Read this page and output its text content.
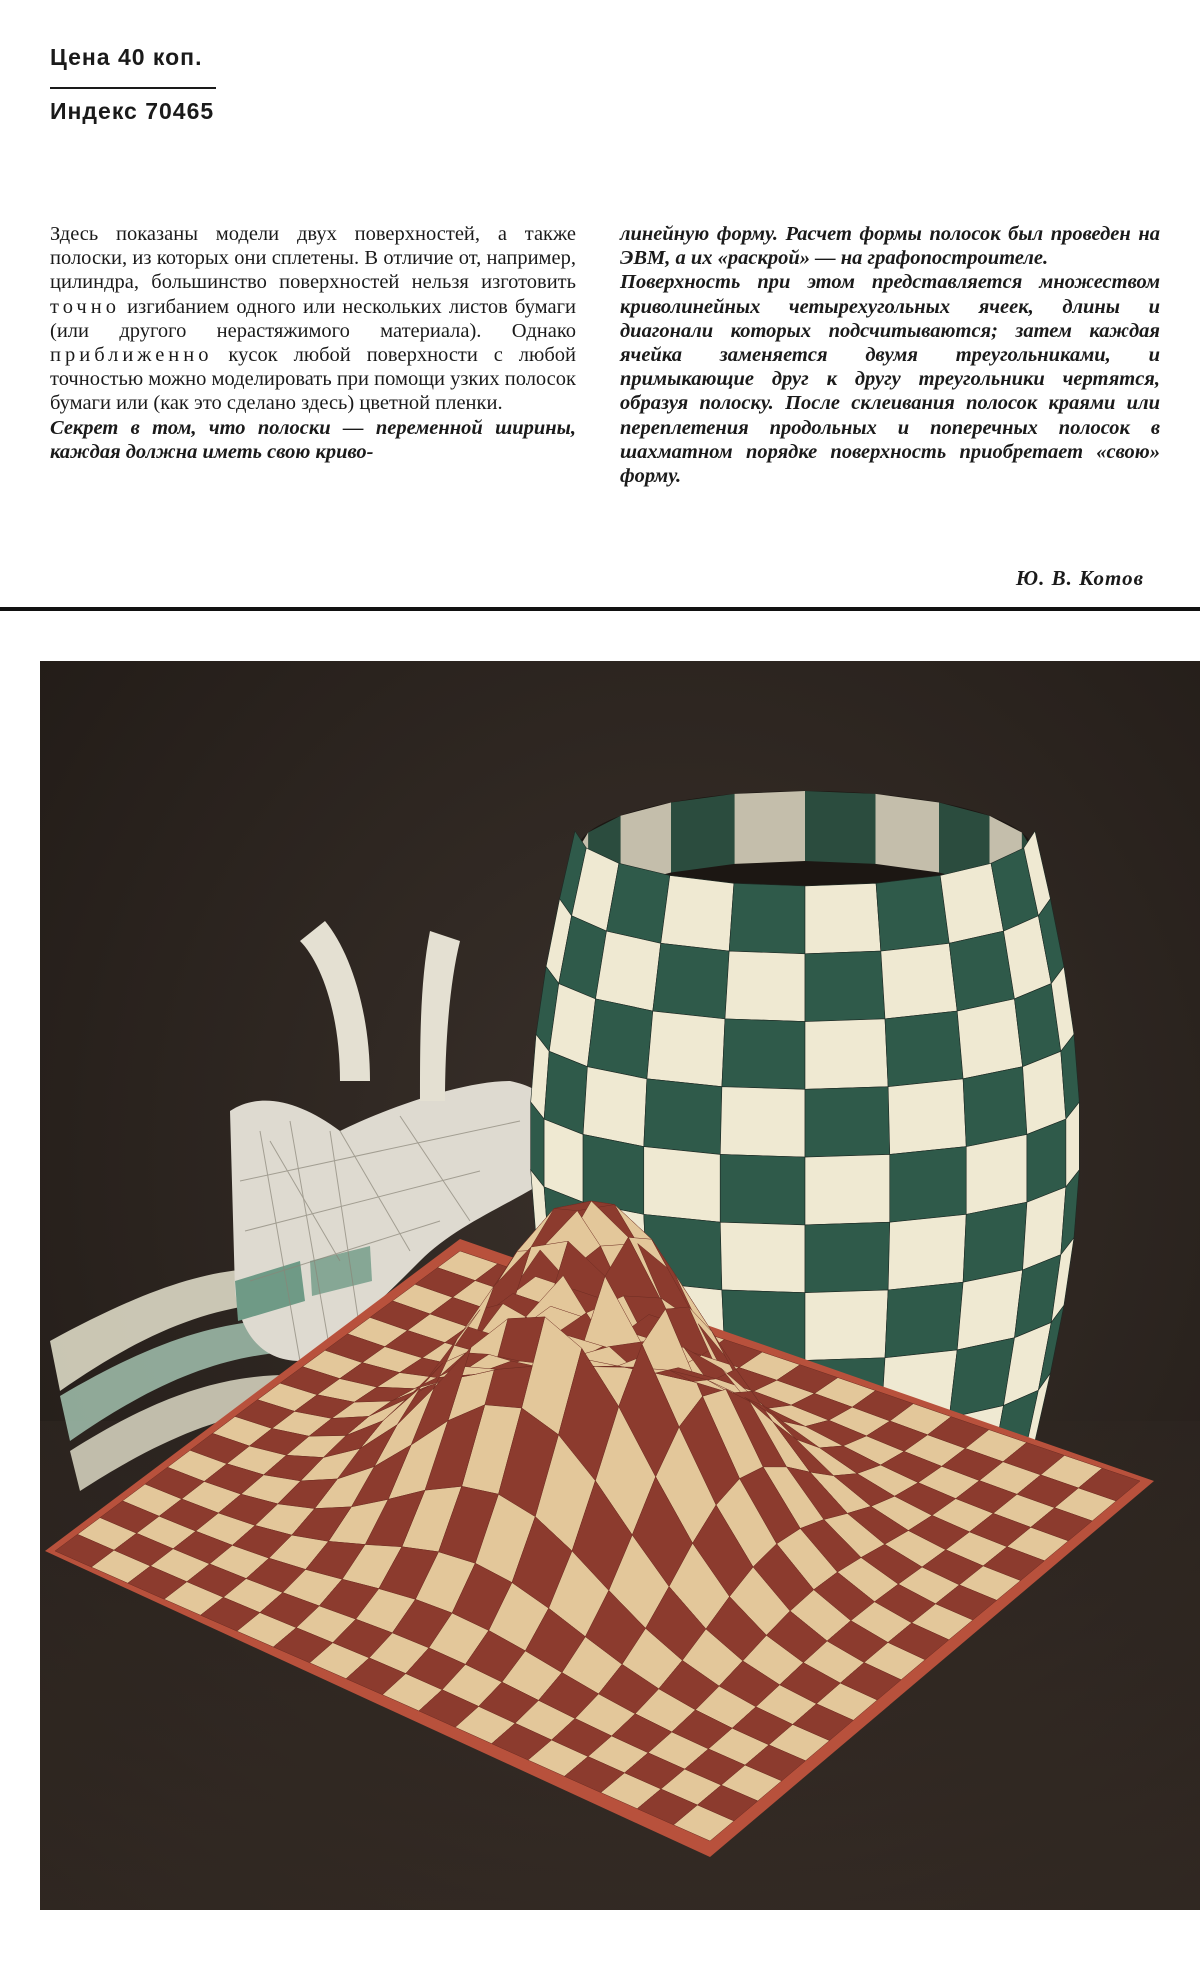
Цена 40 коп.
Индекс 70465

Здесь показаны модели двух поверхностей, а также полоски, из которых они сплетены. В отличие от, например, цилиндра, большинство поверхностей нельзя изготовить точно изгибанием одного или нескольких листов бумаги (или другого нерастяжимого материала). Однако приближенно кусок любой поверхности с любой точностью можно моделировать при помощи узких полосок бумаги или (как это сделано здесь) цветной пленки.

Секрет в том, что полоски — переменной ширины, каждая должна иметь свою криво-

линейную форму. Расчет формы полосок был проведен на ЭВМ, а их «раскрой» — на графопостроителе.

Поверхность при этом представляется множеством криволинейных четырехугольных ячеек, длины и диагонали которых подсчитываются; затем каждая ячейка заменяется двумя треугольниками, и примыкающие друг к другу треугольники чертятся, образуя полоску. После склеивания полосок краями или переплетения продольных и поперечных полосок в шахматном порядке поверхность приобретает «свою» форму.

Ю. В. Котов
